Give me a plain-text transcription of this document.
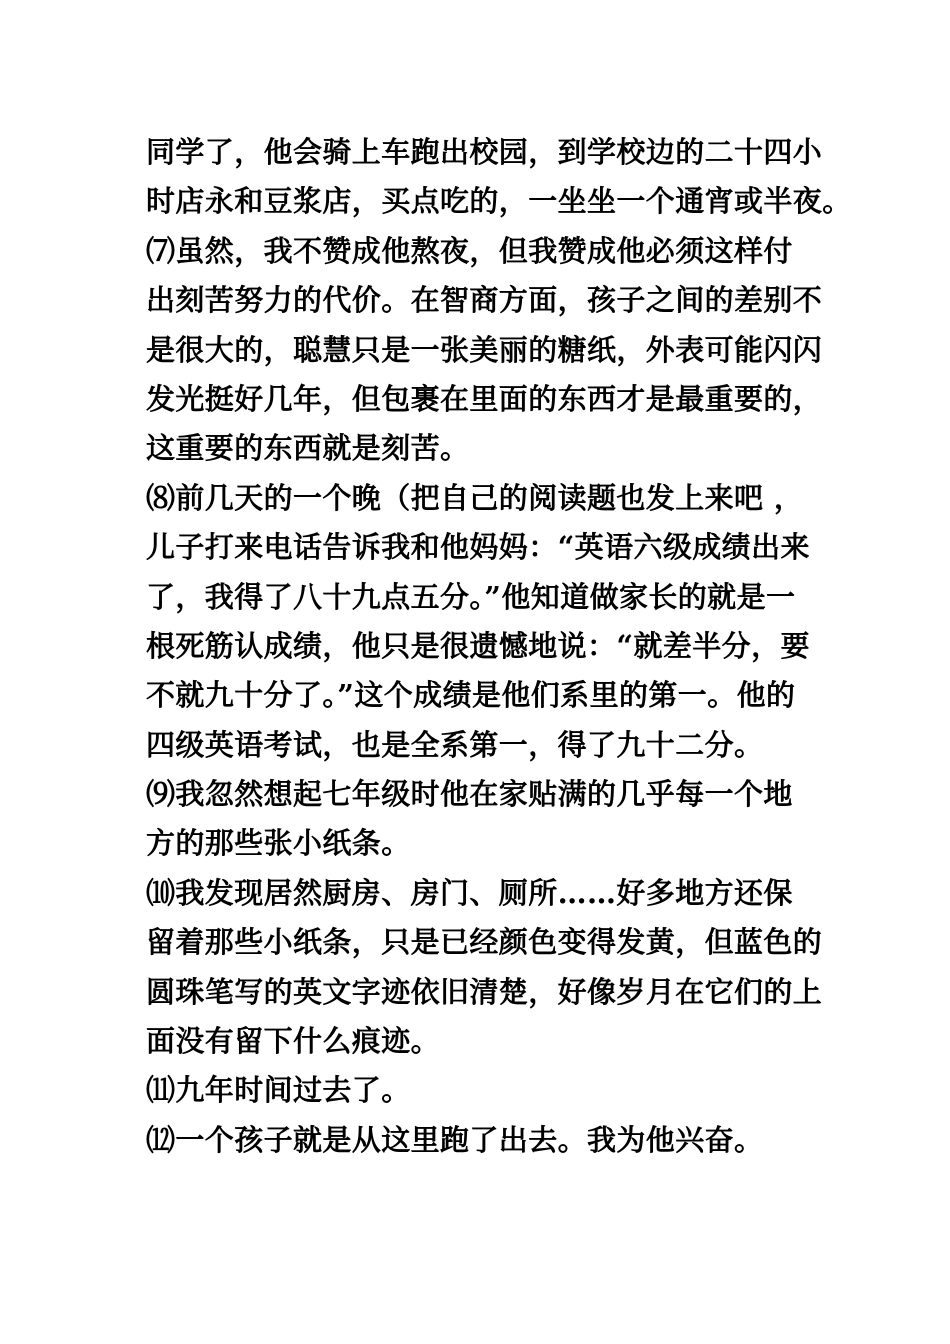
同学了，他会骑上车跑出校园，到学校边的二十四小
时店永和豆浆店，买点吃的，一坐坐一个通宵或半夜。
⑺虽然，我不赞成他熬夜，但我赞成他必须这样付
出刻苦努力的代价。在智商方面，孩子之间的差别不
是很大的，聪慧只是一张美丽的糖纸，外表可能闪闪
发光挺好几年，但包裹在里面的东西才是最重要的，
这重要的东西就是刻苦。
⑻前几天的一个晚（把自己的阅读题也发上来吧 ，
儿子打来电话告诉我和他妈妈：“英语六级成绩出来
了，我得了八十九点五分。”他知道做家长的就是一
根死筋认成绩，他只是很遗憾地说：“就差半分，要
不就九十分了。”这个成绩是他们系里的第一。他的
四级英语考试，也是全系第一，得了九十二分。
⑼我忽然想起七年级时他在家贴满的几乎每一个地
方的那些张小纸条。
⑽我发现居然厨房、房门、厕所……好多地方还保
留着那些小纸条，只是已经颜色变得发黄，但蓝色的
圆珠笔写的英文字迹依旧清楚，好像岁月在它们的上
面没有留下什么痕迹。
⑾九年时间过去了。
⑿一个孩子就是从这里跑了出去。我为他兴奋。
